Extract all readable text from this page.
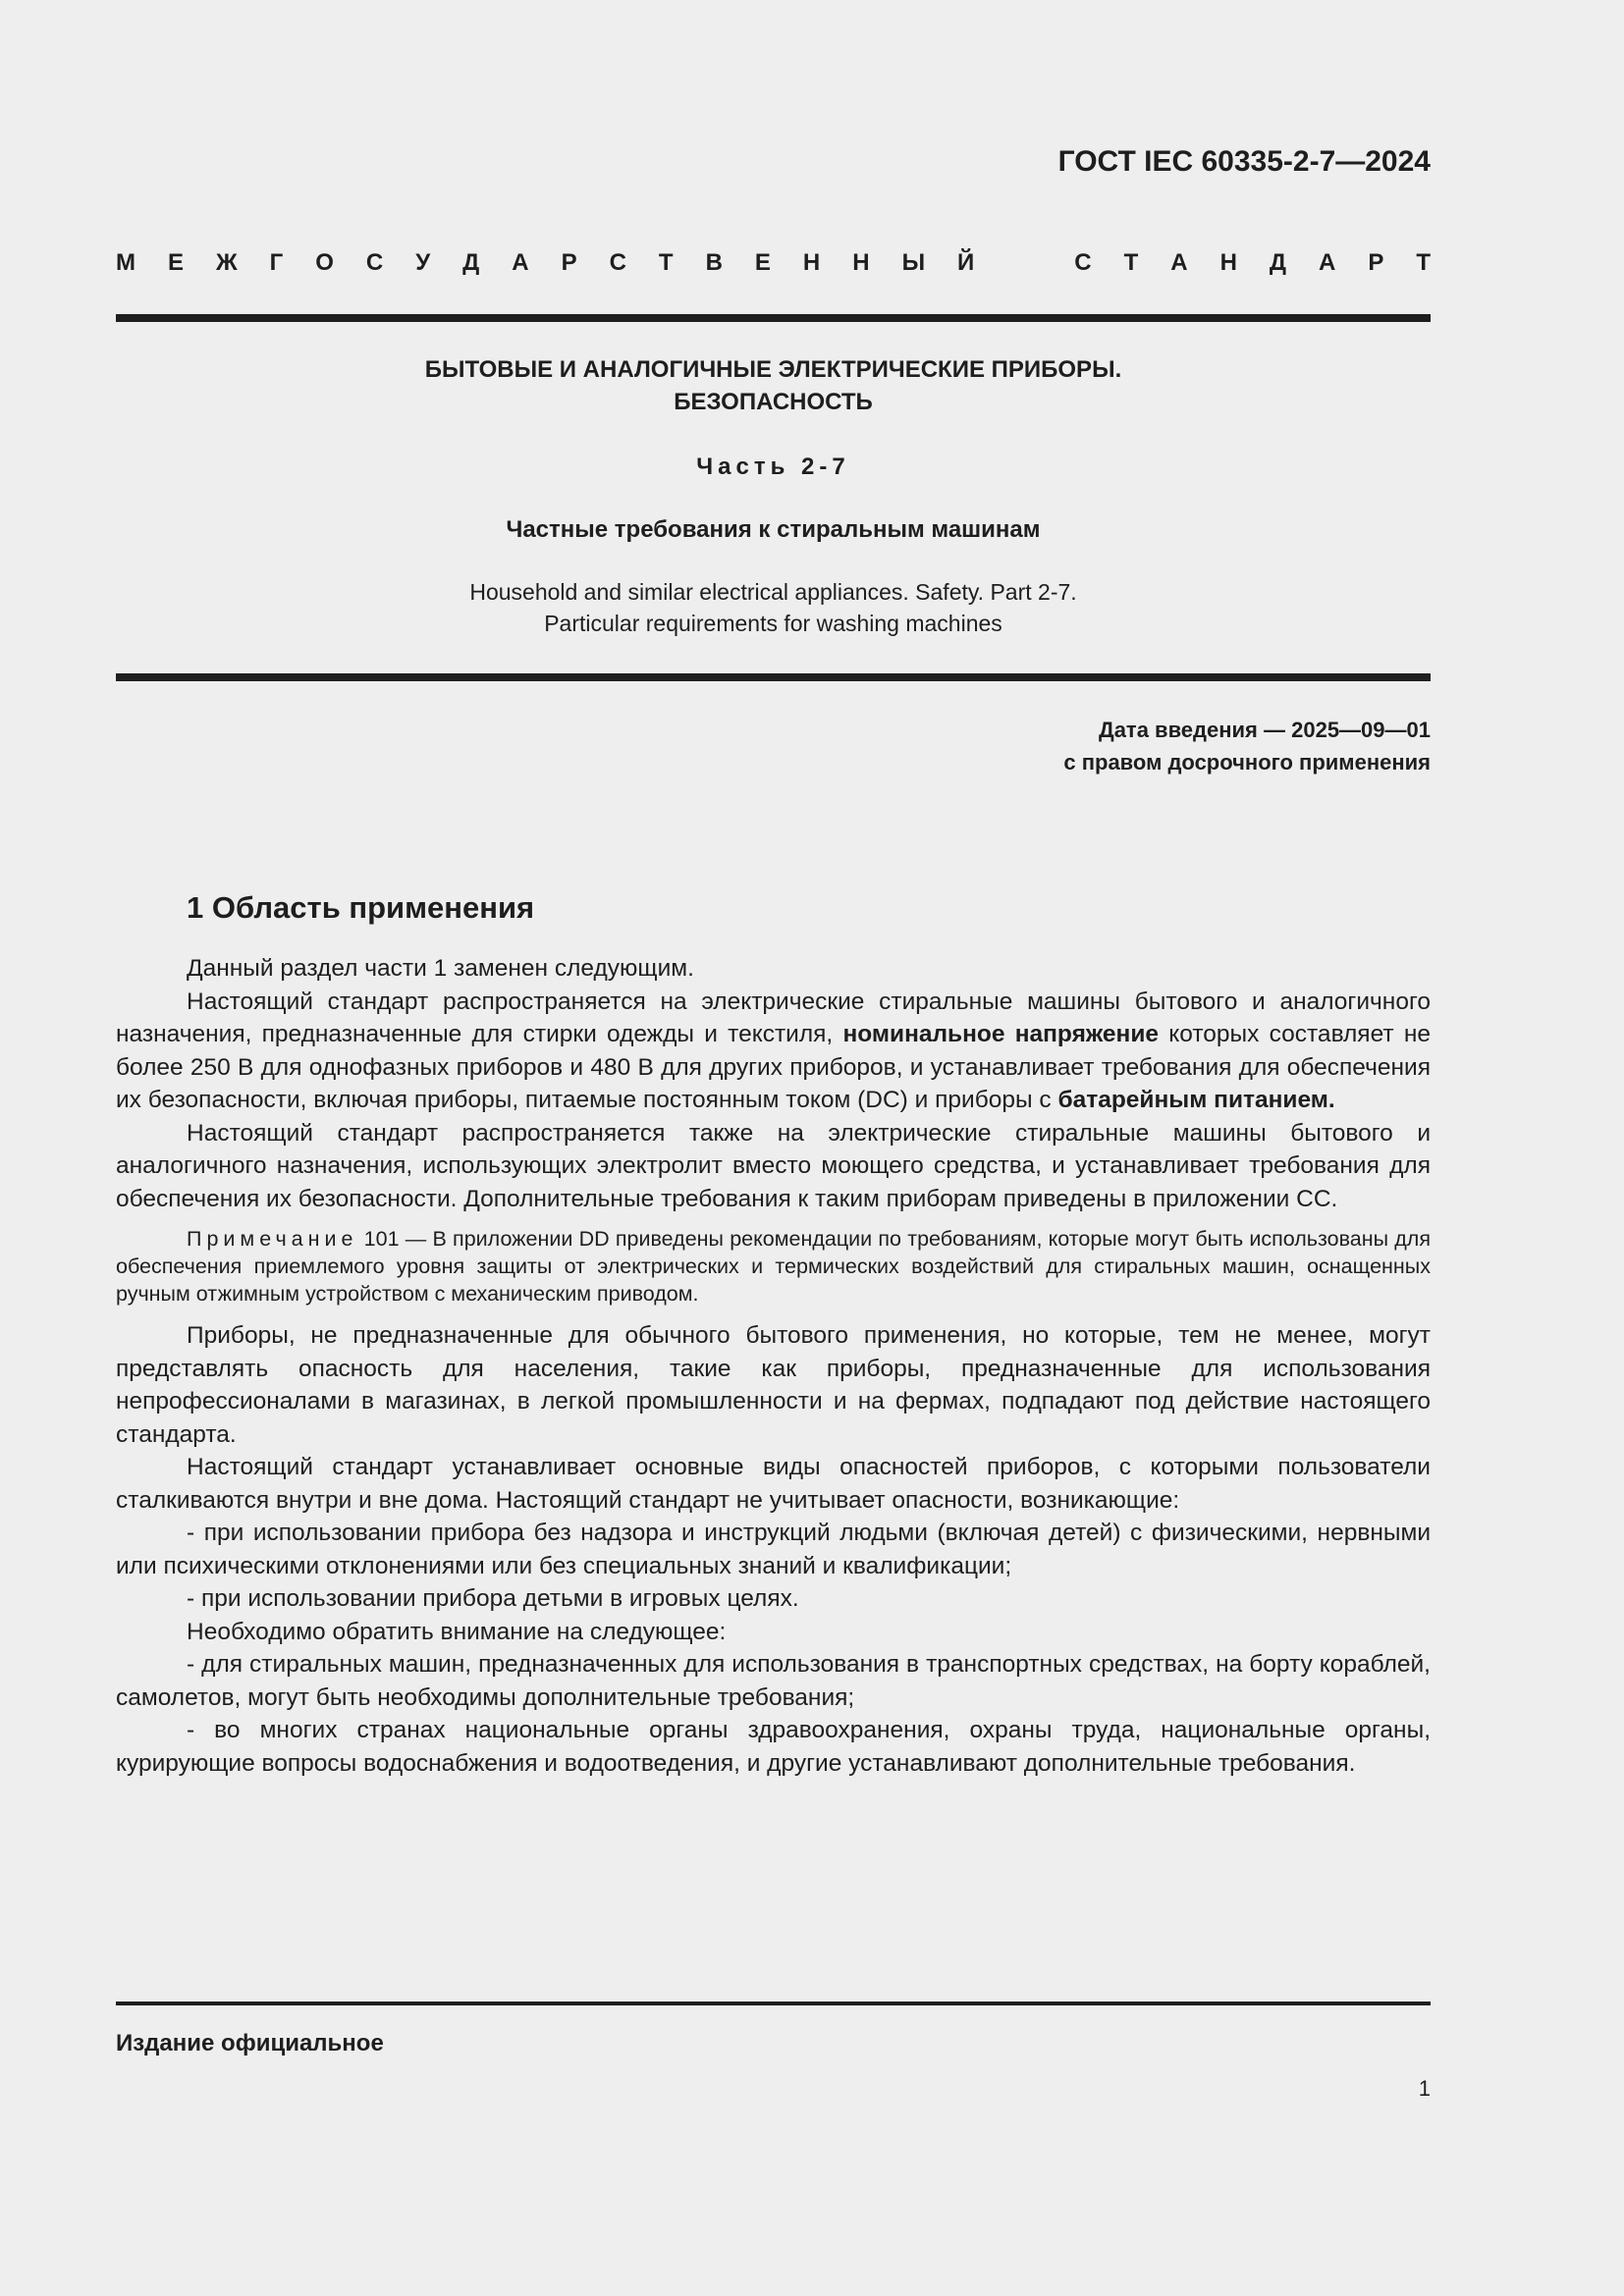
ГОСТ IEC 60335-2-7—2024
М Е Ж Г О С У Д А Р С Т В Е Н Н Ы Й	С Т А Н Д А Р Т
БЫТОВЫЕ И АНАЛОГИЧНЫЕ ЭЛЕКТРИЧЕСКИЕ ПРИБОРЫ.
БЕЗОПАСНОСТЬ
Часть 2-7
Частные требования к стиральным машинам
Household and similar electrical appliances. Safety. Part 2-7.
Particular requirements for washing machines
Дата введения — 2025—09—01
с правом досрочного применения
1 Область применения

Данный раздел части 1 заменен следующим.

Настоящий стандарт распространяется на электрические стиральные машины бытового и аналогичного назначения, предназначенные для стирки одежды и текстиля, номинальное напряжение которых составляет не более 250 В для однофазных приборов и 480 В для других приборов, и устанавливает требования для обеспечения их безопасности, включая приборы, питаемые постоянным током (DC) и приборы с батарейным питанием.

Настоящий стандарт распространяется также на электрические стиральные машины бытового и аналогичного назначения, использующих электролит вместо моющего средства, и устанавливает требования для обеспечения их безопасности. Дополнительные требования к таким приборам приведены в приложении СС.

Примечание 101 — В приложении DD приведены рекомендации по требованиям, которые могут быть использованы для обеспечения приемлемого уровня защиты от электрических и термических воздействий для стиральных машин, оснащенных ручным отжимным устройством с механическим приводом.

Приборы, не предназначенные для обычного бытового применения, но которые, тем не менее, могут представлять опасность для населения, такие как приборы, предназначенные для использования непрофессионалами в магазинах, в легкой промышленности и на фермах, подпадают под действие настоящего стандарта.

Настоящий стандарт устанавливает основные виды опасностей приборов, с которыми пользователи сталкиваются внутри и вне дома. Настоящий стандарт не учитывает опасности, возникающие:

- при использовании прибора без надзора и инструкций людьми (включая детей) с физическими, нервными или психическими отклонениями или без специальных знаний и квалификации;

- при использовании прибора детьми в игровых целях.

Необходимо обратить внимание на следующее:

- для стиральных машин, предназначенных для использования в транспортных средствах, на борту кораблей, самолетов, могут быть необходимы дополнительные требования;

- во многих странах национальные органы здравоохранения, охраны труда, национальные органы, курирующие вопросы водоснабжения и водоотведения, и другие устанавливают дополнительные требования.

Издание официальное
1
